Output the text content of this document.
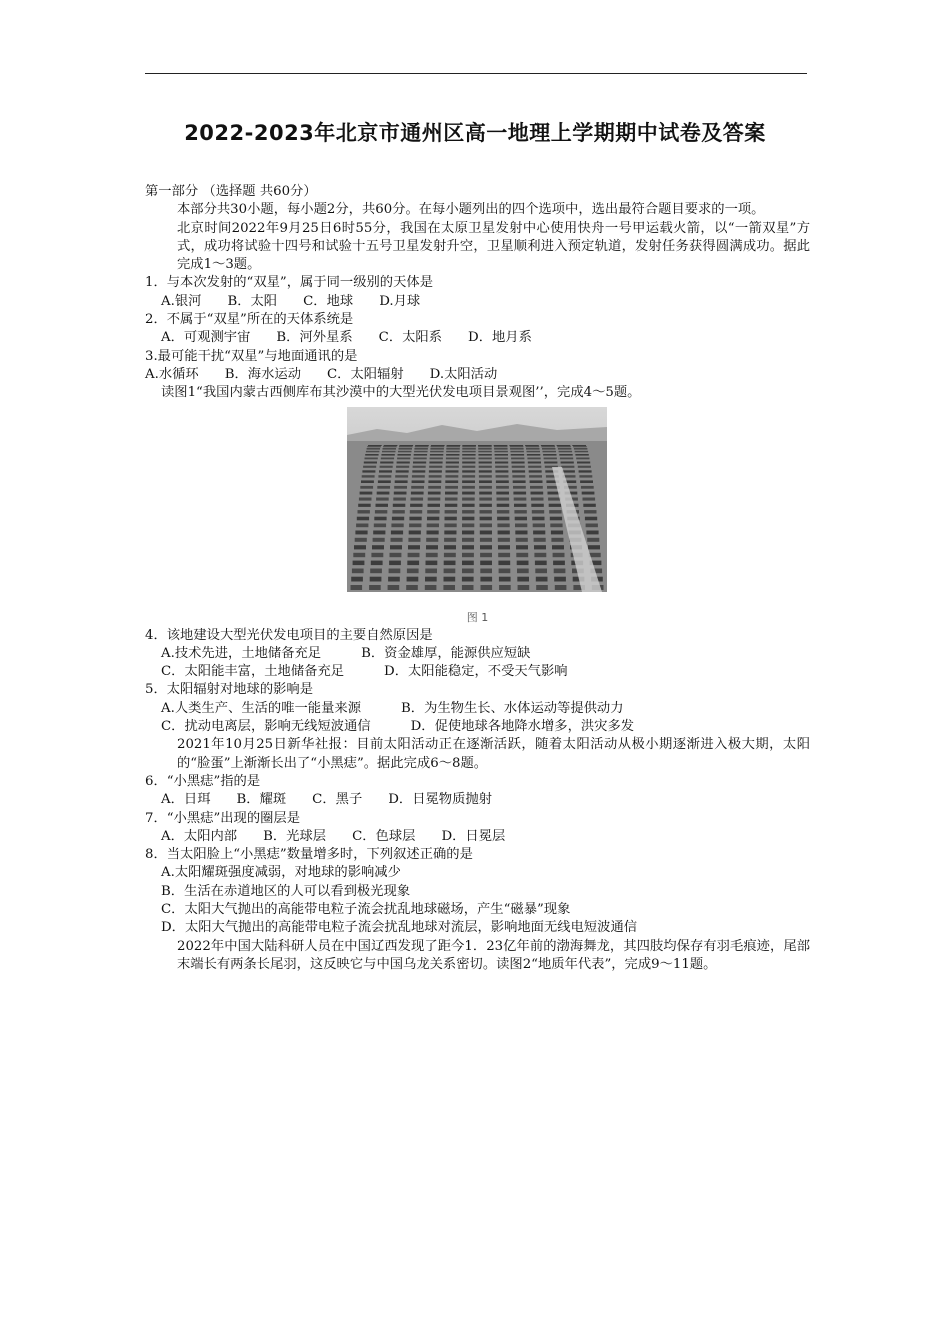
2022-2023年北京市通州区高一地理上学期期中试卷及答案
第一部分 （选择题 共60分）
本部分共30小题，每小题2分，共60分。在每小题列出的四个选项中，选出最符合题目要求的一项。
北京时间2022年9月25日6时55分，我国在太原卫星发射中心使用快舟一号甲运载火箭，以“一箭双星”方式，成功将试验十四号和试验十五号卫星发射升空，卫星顺利进入预定轨道，发射任务获得圆满成功。据此完成1～3题。
1．与本次发射的“双星”，属于同一级别的天体是
A.银河 B．太阳 C．地球 D.月球
2．不属于“双星”所在的天体系统是
A．可观测宇宙 B．河外星系 C．太阳系 D．地月系
3.最可能干扰“双星”与地面通讯的是
A.水循环 B．海水运动 C．太阳辐射 D.太阳活动
读图1“我国内蒙古西侧库布其沙漠中的大型光伏发电项目景观图’’，完成4～5题。
图 1
4．该地建设大型光伏发电项目的主要自然原因是
A.技术先进，土地储备充足	B．资金雄厚，能源供应短缺
C．太阳能丰富，土地储备充足	D．太阳能稳定，不受天气影响
5．太阳辐射对地球的影响是
A.人类生产、生活的唯一能量来源	B．为生物生长、水体运动等提供动力
C．扰动电离层，影响无线短波通信	D．促使地球各地降水增多，洪灾多发
2021年10月25日新华社报：目前太阳活动正在逐渐活跃，随着太阳活动从极小期逐渐进入极大期，太阳的“脸蛋”上渐渐长出了“小黑痣”。据此完成6～8题。
6．“小黑痣”指的是
A．日珥 B．耀斑 C．黑子 D．日冕物质抛射
7．“小黑痣”出现的圈层是
A．太阳内部 B．光球层 C．色球层 D．日冕层
8．当太阳脸上“小黑痣”数量增多时，下列叙述正确的是
A.太阳耀斑强度减弱，对地球的影响减少
B．生活在赤道地区的人可以看到极光现象
C．太阳大气抛出的高能带电粒子流会扰乱地球磁场，产生“磁暴”现象
D．太阳大气抛出的高能带电粒子流会扰乱地球对流层，影响地面无线电短波通信
2022年中国大陆科研人员在中国辽西发现了距今1．23亿年前的渤海舞龙，其四肢均保存有羽毛痕迹，尾部末端长有两条长尾羽，这反映它与中国乌龙关系密切。读图2“地质年代表”，完成9～11题。
